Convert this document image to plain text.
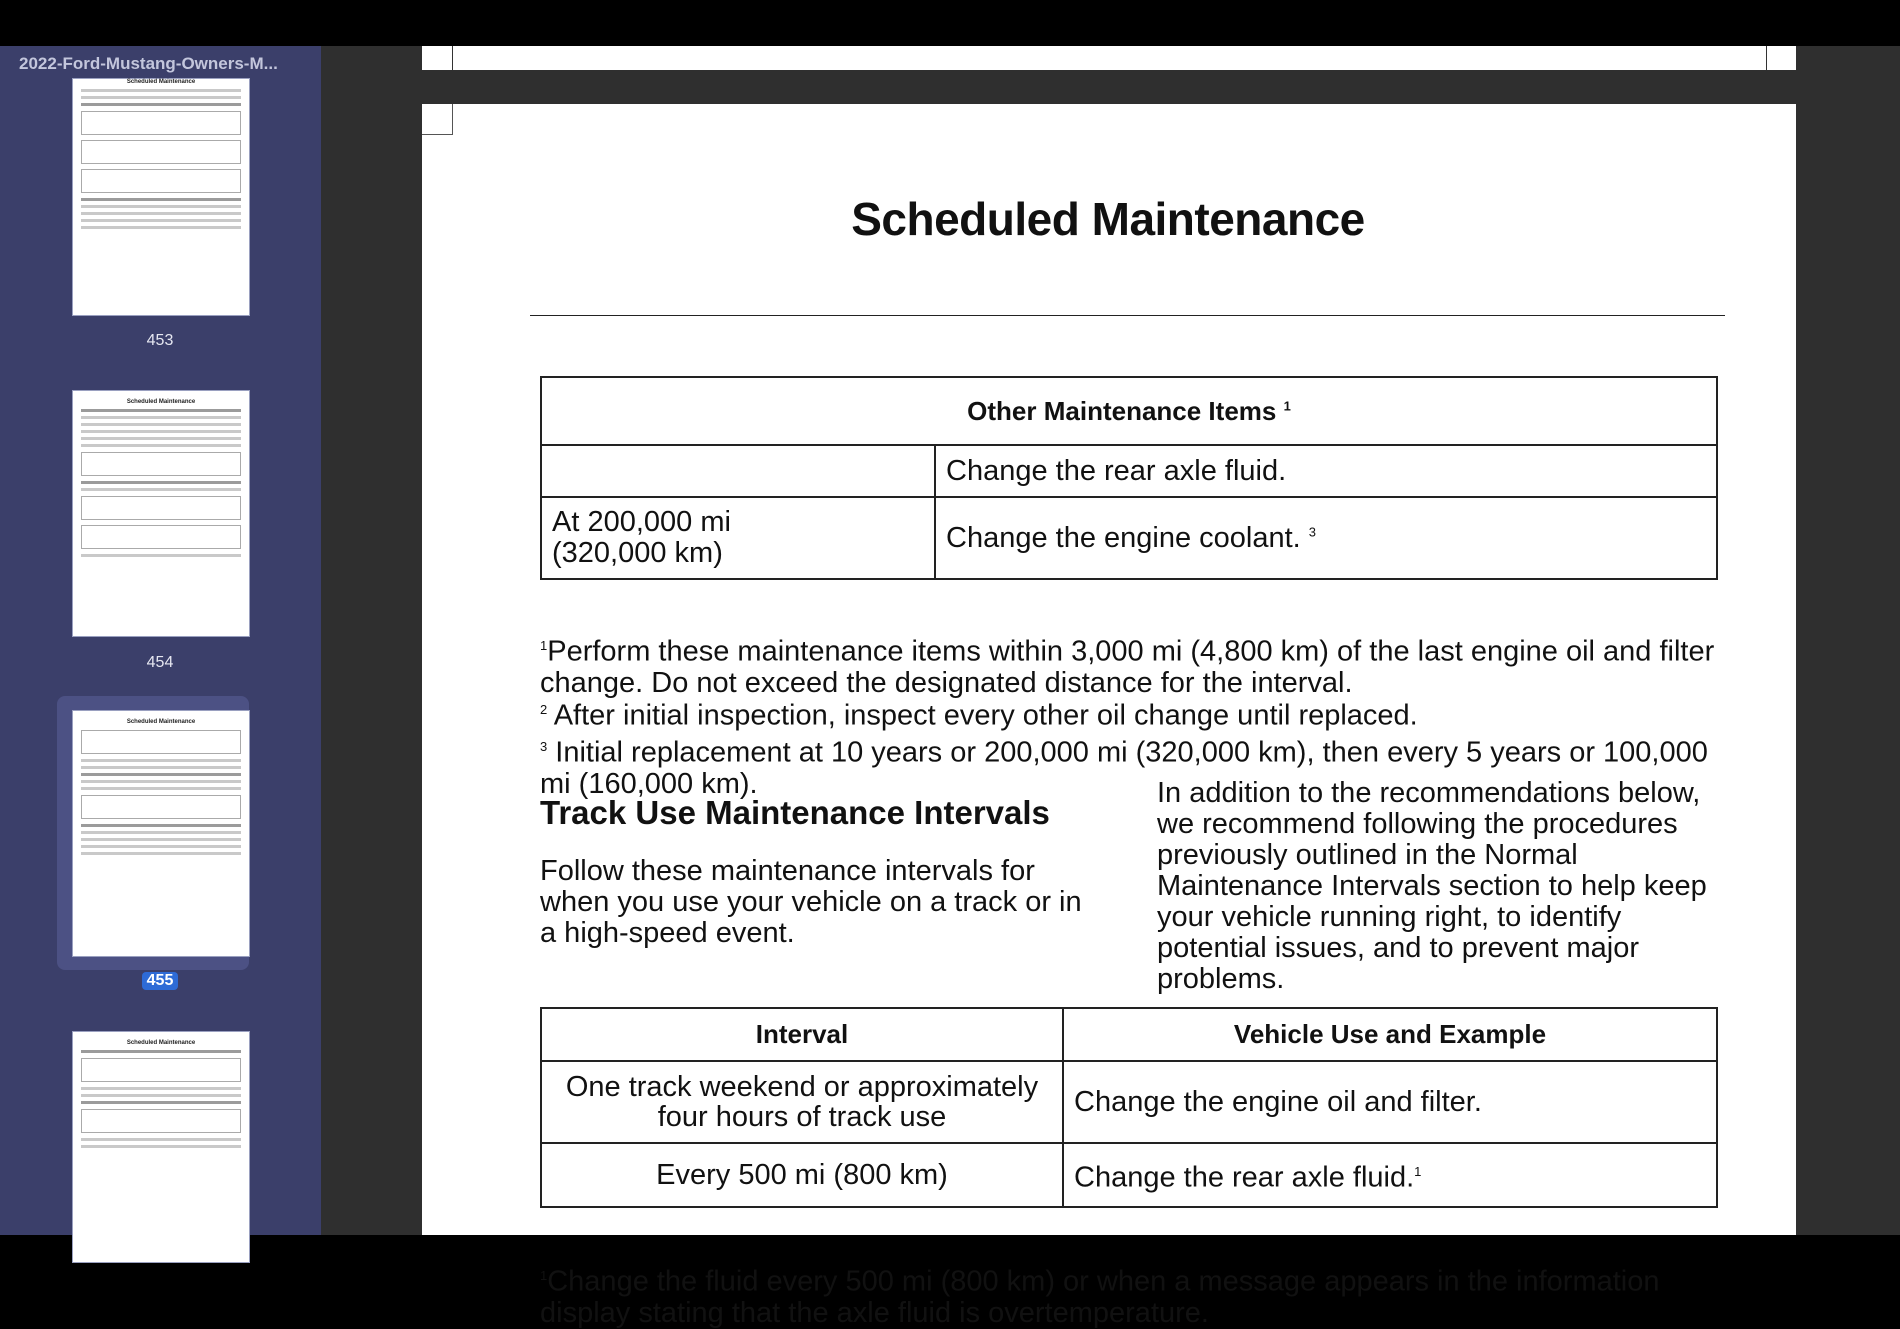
2022-Ford-Mustang-Owners-M...
Scheduled Maintenance
453
Scheduled Maintenance
454
Scheduled Maintenance
455
Scheduled Maintenance
Scheduled Maintenance
Other Maintenance Items $^1$
	Change the rear axle fluid.
At 200,000 mi
(320,000 km)	Change the engine coolant. $^3$
$^1$Perform these maintenance items within 3,000 mi (4,800 km) of the last engine oil and filter change. Do not exceed the designated distance for the interval.
$^2$ After initial inspection, inspect every other oil change until replaced.
$^3$ Initial replacement at 10 years or 200,000 mi (320,000 km), then every 5 years or 100,000 mi (160,000 km).
Track Use Maintenance Intervals
Follow these maintenance intervals for when you use your vehicle on a track or in a high-speed event.
In addition to the recommendations below, we recommend following the procedures previously outlined in the Normal Maintenance Intervals section to help keep your vehicle running right, to identify potential issues, and to prevent major problems.
Interval	Vehicle Use and Example
One track weekend or approximately four hours of track use	Change the engine oil and filter.
Every 500 mi (800 km)	Change the rear axle fluid.$^1$
$^1$Change the fluid every 500 mi (800 km) or when a message appears in the information display stating that the axle fluid is overtemperature.
